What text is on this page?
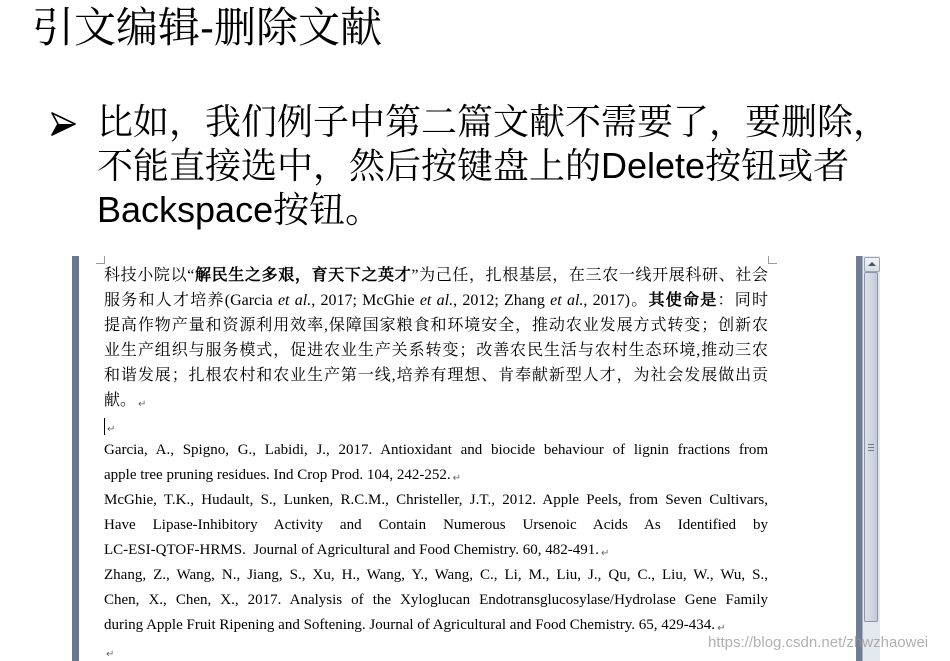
引文编辑-删除文献
比如，我们例子中第二篇文献不需要了，要删除，
不能直接选中，然后按键盘上的Delete按钮或者
Backspace按钮。
科技小院以“解民生之多艰，育天下之英才”为己任，扎根基层，在三农一线开展科研、社会
服务和人才培养(Garcia et al., 2017; McGhie et al., 2012; Zhang et al., 2017)。其使命是：同时
提高作物产量和资源利用效率,保障国家粮食和环境安全，推动农业发展方式转变；创新农
业生产组织与服务模式，促进农业生产关系转变；改善农民生活与农村生态环境,推动三农
和谐发展；扎根农村和农业生产第一线,培养有理想、肯奉献新型人才，为社会发展做出贡
献。 ↵
↵
Garcia, A., Spigno, G., Labidi, J., 2017. Antioxidant and biocide behaviour of lignin fractions from
apple tree pruning residues. Ind Crop Prod. 104, 242-252. ↵
McGhie, T.K., Hudault, S., Lunken, R.C.M., Christeller, J.T., 2012. Apple Peels, from Seven Cultivars,
Have Lipase-Inhibitory Activity and Contain Numerous Ursenoic Acids As Identified by
LC-ESI-QTOF-HRMS.  Journal of Agricultural and Food Chemistry. 60, 482-491. ↵
Zhang, Z., Wang, N., Jiang, S., Xu, H., Wang, Y., Wang, C., Li, M., Liu, J., Qu, C., Liu, W., Wu, S.,
Chen, X., Chen, X., 2017. Analysis of the Xyloglucan Endotransglucosylase/Hydrolase Gene Family
during Apple Fruit Ripening and Softening. Journal of Agricultural and Food Chemistry. 65, 429-434. ↵
↵
https://blog.csdn.net/zhwzhaowei
